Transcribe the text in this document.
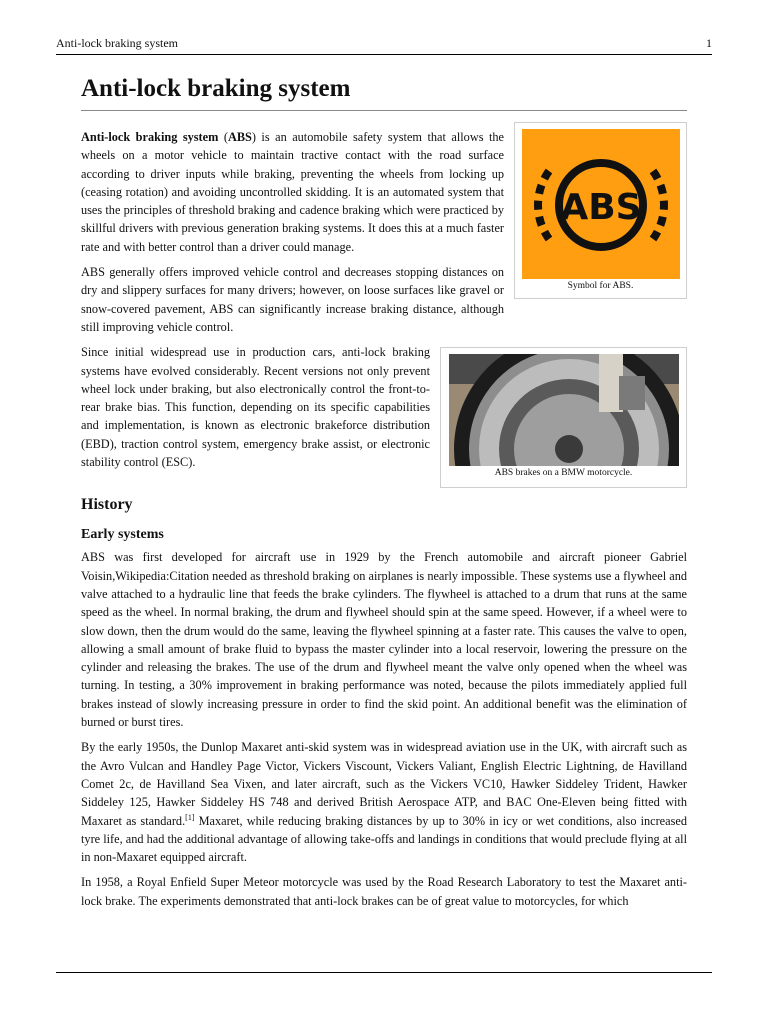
Anti-lock braking system	1
Anti-lock braking system
ABS
Symbol for ABS.

Anti-lock braking system (ABS) is an automobile safety system that allows the wheels on a motor vehicle to maintain tractive contact with the road surface according to driver inputs while braking, preventing the wheels from locking up (ceasing rotation) and avoiding uncontrolled skidding. It is an automated system that uses the principles of threshold braking and cadence braking which were practiced by skillful drivers with previous generation braking systems. It does this at a much faster rate and with better control than a driver could manage.

ABS generally offers improved vehicle control and decreases stopping distances on dry and slippery surfaces for many drivers; however, on loose surfaces like gravel or snow-covered pavement, ABS can significantly increase braking distance, although still improving vehicle control.

ABS brakes on a BMW motorcycle.

Since initial widespread use in production cars, anti-lock braking systems have evolved considerably. Recent versions not only prevent wheel lock under braking, but also electronically control the front-to-rear brake bias. This function, depending on its specific capabilities and implementation, is known as electronic brakeforce distribution (EBD), traction control system, emergency brake assist, or electronic stability control (ESC).

History
Early systems

ABS was first developed for aircraft use in 1929 by the French automobile and aircraft pioneer Gabriel Voisin,Wikipedia:Citation needed as threshold braking on airplanes is nearly impossible. These systems use a flywheel and valve attached to a hydraulic line that feeds the brake cylinders. The flywheel is attached to a drum that runs at the same speed as the wheel. In normal braking, the drum and flywheel should spin at the same speed. However, if a wheel were to slow down, then the drum would do the same, leaving the flywheel spinning at a faster rate. This causes the valve to open, allowing a small amount of brake fluid to bypass the master cylinder into a local reservoir, lowering the pressure on the cylinder and releasing the brakes. The use of the drum and flywheel meant the valve only opened when the wheel was turning. In testing, a 30% improvement in braking performance was noted, because the pilots immediately applied full brakes instead of slowly increasing pressure in order to find the skid point. An additional benefit was the elimination of burned or burst tires.

By the early 1950s, the Dunlop Maxaret anti-skid system was in widespread aviation use in the UK, with aircraft such as the Avro Vulcan and Handley Page Victor, Vickers Viscount, Vickers Valiant, English Electric Lightning, de Havilland Comet 2c, de Havilland Sea Vixen, and later aircraft, such as the Vickers VC10, Hawker Siddeley Trident, Hawker Siddeley 125, Hawker Siddeley HS 748 and derived British Aerospace ATP, and BAC One-Eleven being fitted with Maxaret as standard.[1] Maxaret, while reducing braking distances by up to 30% in icy or wet conditions, also increased tyre life, and had the additional advantage of allowing take-offs and landings in conditions that would preclude flying at all in non-Maxaret equipped aircraft.

In 1958, a Royal Enfield Super Meteor motorcycle was used by the Road Research Laboratory to test the Maxaret anti-lock brake. The experiments demonstrated that anti-lock brakes can be of great value to motorcycles, for which
